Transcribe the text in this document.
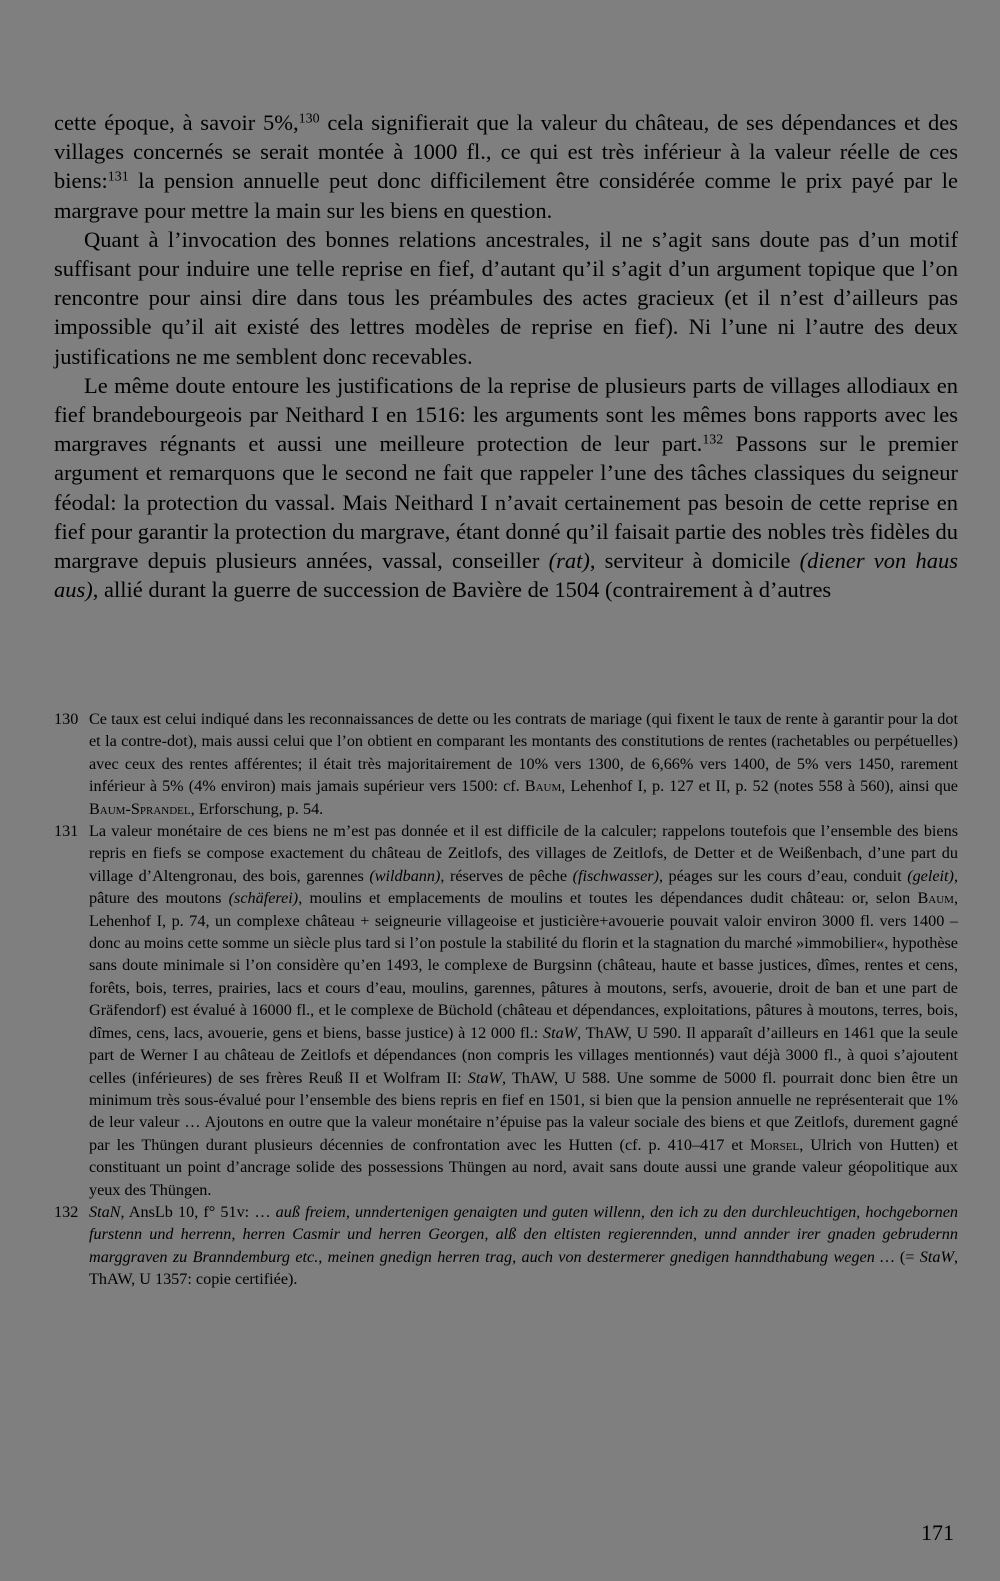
cette époque, à savoir 5%,$^{130}$ cela signifierait que la valeur du château, de ses dépendances et des villages concernés se serait montée à 1000 fl., ce qui est très inférieur à la valeur réelle de ces biens:$^{131}$ la pension annuelle peut donc difficilement être considérée comme le prix payé par le margrave pour mettre la main sur les biens en question.

Quant à l’invocation des bonnes relations ancestrales, il ne s’agit sans doute pas d’un motif suffisant pour induire une telle reprise en fief, d’autant qu’il s’agit d’un argument topique que l’on rencontre pour ainsi dire dans tous les préambules des actes gracieux (et il n’est d’ailleurs pas impossible qu’il ait existé des lettres modèles de reprise en fief). Ni l’une ni l’autre des deux justifications ne me semblent donc recevables.

Le même doute entoure les justifications de la reprise de plusieurs parts de villages allodiaux en fief brandebourgeois par Neithard I en 1516: les arguments sont les mêmes bons rapports avec les margraves régnants et aussi une meilleure protection de leur part.$^{132}$ Passons sur le premier argument et remarquons que le second ne fait que rappeler l’une des tâches classiques du seigneur féodal: la protection du vassal. Mais Neithard I n’avait certainement pas besoin de cette reprise en fief pour garantir la protection du margrave, étant donné qu’il faisait partie des nobles très fidèles du margrave depuis plusieurs années, vassal, conseiller (rat), serviteur à domicile (diener von haus aus), allié durant la guerre de succession de Bavière de 1504 (contrairement à d’autres

130 Ce taux est celui indiqué dans les reconnaissances de dette ou les contrats de mariage (qui fixent le taux de rente à garantir pour la dot et la contre-dot), mais aussi celui que l’on obtient en comparant les montants des constitutions de rentes (rachetables ou perpétuelles) avec ceux des rentes afférentes; il était très majoritairement de 10% vers 1300, de 6,66% vers 1400, de 5% vers 1450, rarement inférieur à 5% (4% environ) mais jamais supérieur vers 1500: cf. Baum, Lehenhof I, p. 127 et II, p. 52 (notes 558 à 560), ainsi que Baum-Sprandel, Erforschung, p. 54.
131 La valeur monétaire de ces biens ne m’est pas donnée et il est difficile de la calculer; rappelons toutefois que l’ensemble des biens repris en fiefs se compose exactement du château de Zeitlofs, des villages de Zeitlofs, de Detter et de Weißenbach, d’une part du village d’Altengronau, des bois, garennes (wildbann), réserves de pêche (fischwasser), péages sur les cours d’eau, conduit (geleit), pâture des moutons (schäferei), moulins et emplacements de moulins et toutes les dépendances dudit château: or, selon Baum, Lehenhof I, p. 74, un complexe château + seigneurie villageoise et justicière+avouerie pouvait valoir environ 3000 fl. vers 1400 – donc au moins cette somme un siècle plus tard si l’on postule la stabilité du florin et la stagnation du marché »immobilier«, hypothèse sans doute minimale si l’on considère qu’en 1493, le complexe de Burgsinn (château, haute et basse justices, dîmes, rentes et cens, forêts, bois, terres, prairies, lacs et cours d’eau, moulins, garennes, pâtures à moutons, serfs, avouerie, droit de ban et une part de Gräfendorf) est évalué à 16000 fl., et le complexe de Büchold (château et dépendances, exploitations, pâtures à moutons, terres, bois, dîmes, cens, lacs, avouerie, gens et biens, basse justice) à 12 000 fl.: StaW, ThAW, U 590. Il apparaît d’ailleurs en 1461 que la seule part de Werner I au château de Zeitlofs et dépendances (non compris les villages mentionnés) vaut déjà 3000 fl., à quoi s’ajoutent celles (inférieures) de ses frères Reuß II et Wolfram II: StaW, ThAW, U 588. Une somme de 5000 fl. pourrait donc bien être un minimum très sous-évalué pour l’ensemble des biens repris en fief en 1501, si bien que la pension annuelle ne représenterait que 1% de leur valeur … Ajoutons en outre que la valeur monétaire n’épuise pas la valeur sociale des biens et que Zeitlofs, durement gagné par les Thüngen durant plusieurs décennies de confrontation avec les Hutten (cf. p. 410–417 et Morsel, Ulrich von Hutten) et constituant un point d’ancrage solide des possessions Thüngen au nord, avait sans doute aussi une grande valeur géopolitique aux yeux des Thüngen.
132 StaN, AnsLb 10, f° 51v: … auß freiem, unndertenigen genaigten und guten willenn, den ich zu den durchleuchtigen, hochgebornen furstenn und herrenn, herren Casmir und herren Georgen, alß den eltisten regierennden, unnd annder irer gnaden gebrudernn marggraven zu Branndemburg etc., meinen gnedign herren trag, auch von destermerer gnedigen hanndthabung wegen … (= StaW, ThAW, U 1357: copie certifiée).
171
